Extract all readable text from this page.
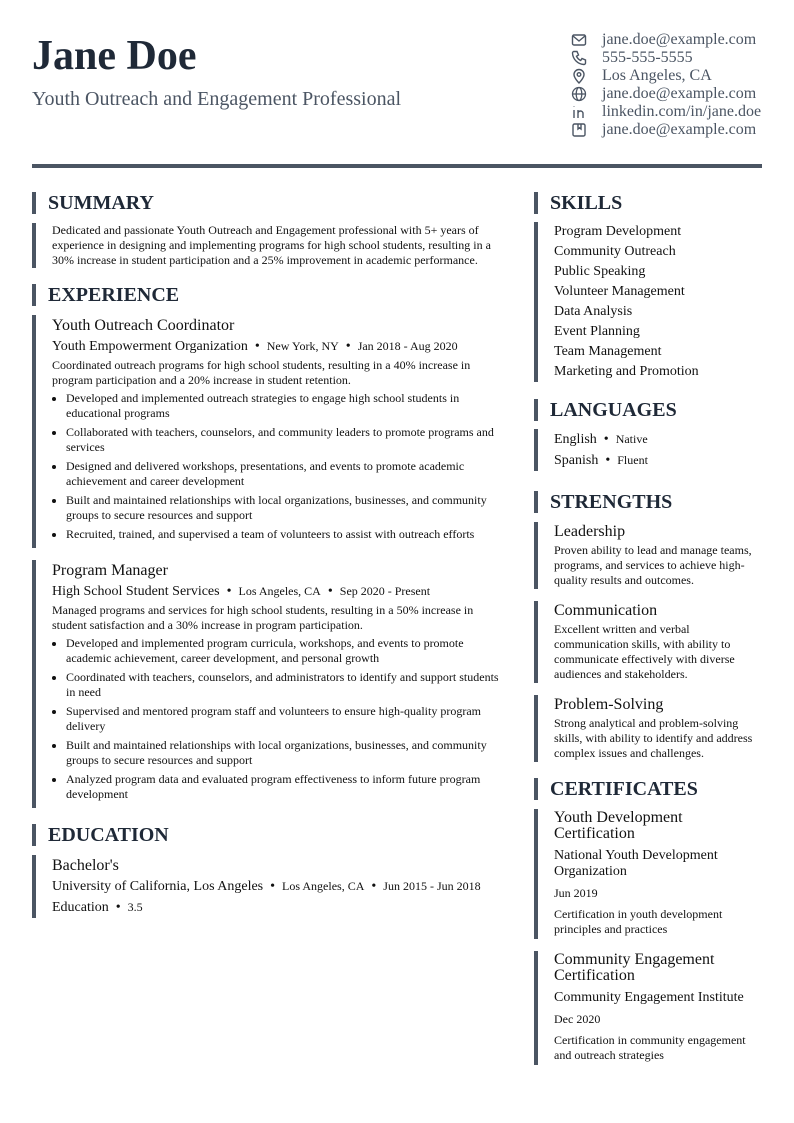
Jane Doe
Youth Outreach and Engagement Professional
jane.doe@example.com
555-555-5555
Los Angeles, CA
jane.doe@example.com
linkedin.com/in/jane.doe
jane.doe@example.com
SUMMARY
Dedicated and passionate Youth Outreach and Engagement professional with 5+ years of experience in designing and implementing programs for high school students, resulting in a 30% increase in student participation and a 25% improvement in academic performance.
EXPERIENCE
Youth Outreach Coordinator
Youth Empowerment Organization • New York, NY • Jan 2018 - Aug 2020
Coordinated outreach programs for high school students, resulting in a 40% increase in program participation and a 20% increase in student retention.
• Developed and implemented outreach strategies to engage high school students in educational programs
• Collaborated with teachers, counselors, and community leaders to promote programs and services
• Designed and delivered workshops, presentations, and events to promote academic achievement and career development
• Built and maintained relationships with local organizations, businesses, and community groups to secure resources and support
• Recruited, trained, and supervised a team of volunteers to assist with outreach efforts
Program Manager
High School Student Services • Los Angeles, CA • Sep 2020 - Present
Managed programs and services for high school students, resulting in a 50% increase in student satisfaction and a 30% increase in program participation.
• Developed and implemented program curricula, workshops, and events to promote academic achievement, career development, and personal growth
• Coordinated with teachers, counselors, and administrators to identify and support students in need
• Supervised and mentored program staff and volunteers to ensure high-quality program delivery
• Built and maintained relationships with local organizations, businesses, and community groups to secure resources and support
• Analyzed program data and evaluated program effectiveness to inform future program development
EDUCATION
Bachelor's
University of California, Los Angeles • Los Angeles, CA • Jun 2015 - Jun 2018
Education • 3.5
SKILLS
Program Development
Community Outreach
Public Speaking
Volunteer Management
Data Analysis
Event Planning
Team Management
Marketing and Promotion
LANGUAGES
English • Native
Spanish • Fluent
STRENGTHS
Leadership
Proven ability to lead and manage teams, programs, and services to achieve high-quality results and outcomes.
Communication
Excellent written and verbal communication skills, with ability to communicate effectively with diverse audiences and stakeholders.
Problem-Solving
Strong analytical and problem-solving skills, with ability to identify and address complex issues and challenges.
CERTIFICATES
Youth Development Certification
National Youth Development Organization
Jun 2019
Certification in youth development principles and practices
Community Engagement Certification
Community Engagement Institute
Dec 2020
Certification in community engagement and outreach strategies
